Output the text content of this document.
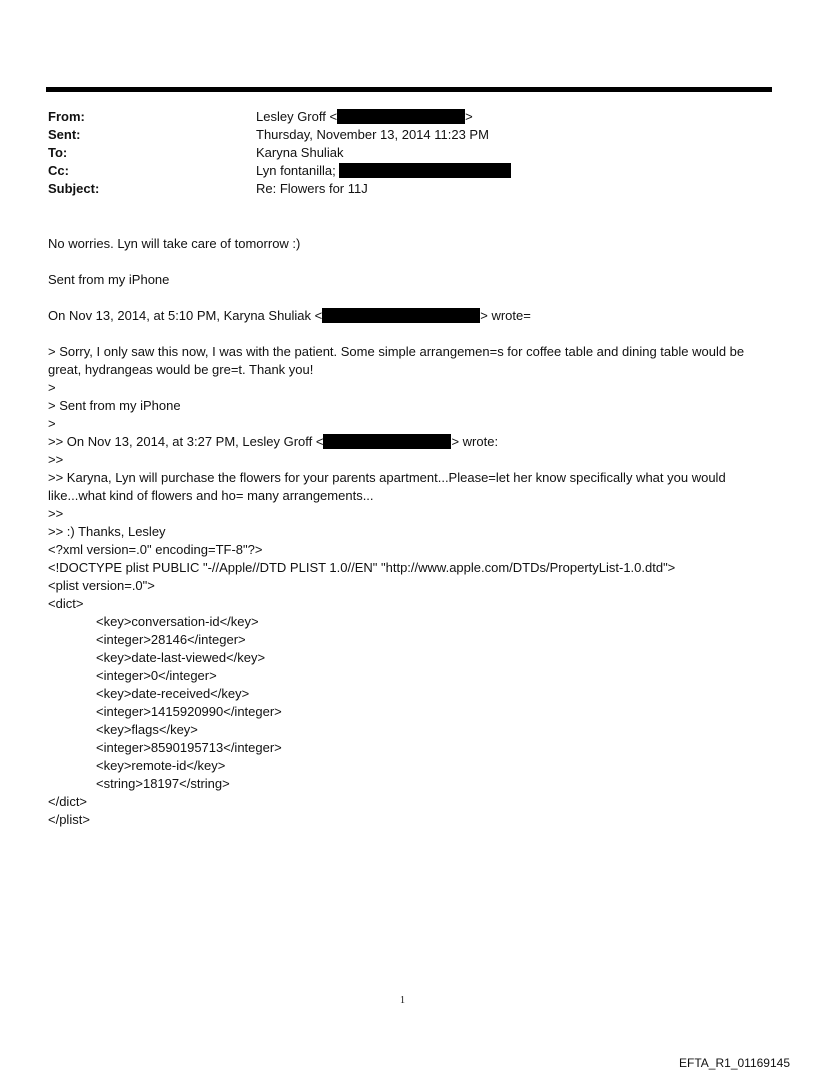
From:	Lesley Groff <	>
Sent:	Thursday, November 13, 2014 11:23 PM
To:	Karyna Shuliak
Cc:	Lyn fontanilla;
Subject:	Re: Flowers for 11J
No worries. Lyn will take care of tomorrow :)
Sent from my iPhone
On Nov 13, 2014, at 5:10 PM, Karyna Shuliak <	> wrote=
> Sorry, I only saw this now, I was with the patient. Some simple arrangemen=s for coffee table and dining table would be great, hydrangeas would be gre=t. Thank you!
>
> Sent from my iPhone
>
>> On Nov 13, 2014, at 3:27 PM, Lesley Groff <	> wrote:
>>
>> Karyna, Lyn will purchase the flowers for your parents apartment...Please=let her know specifically what you would like...what kind of flowers and ho= many arrangements...
>>
>> :) Thanks, Lesley
<?xml version=.0" encoding=TF-8"?>
<!DOCTYPE plist PUBLIC "-//Apple//DTD PLIST 1.0//EN" "http://www.apple.com/DTDs/PropertyList-1.0.dtd">
<plist version=.0">
<dict>
<key>conversation-id</key>
<integer>28146</integer>
<key>date-last-viewed</key>
<integer>0</integer>
<key>date-received</key>
<integer>1415920990</integer>
<key>flags</key>
<integer>8590195713</integer>
<key>remote-id</key>
<string>18197</string>
</dict>
</plist>
1
EFTA_R1_01169145
